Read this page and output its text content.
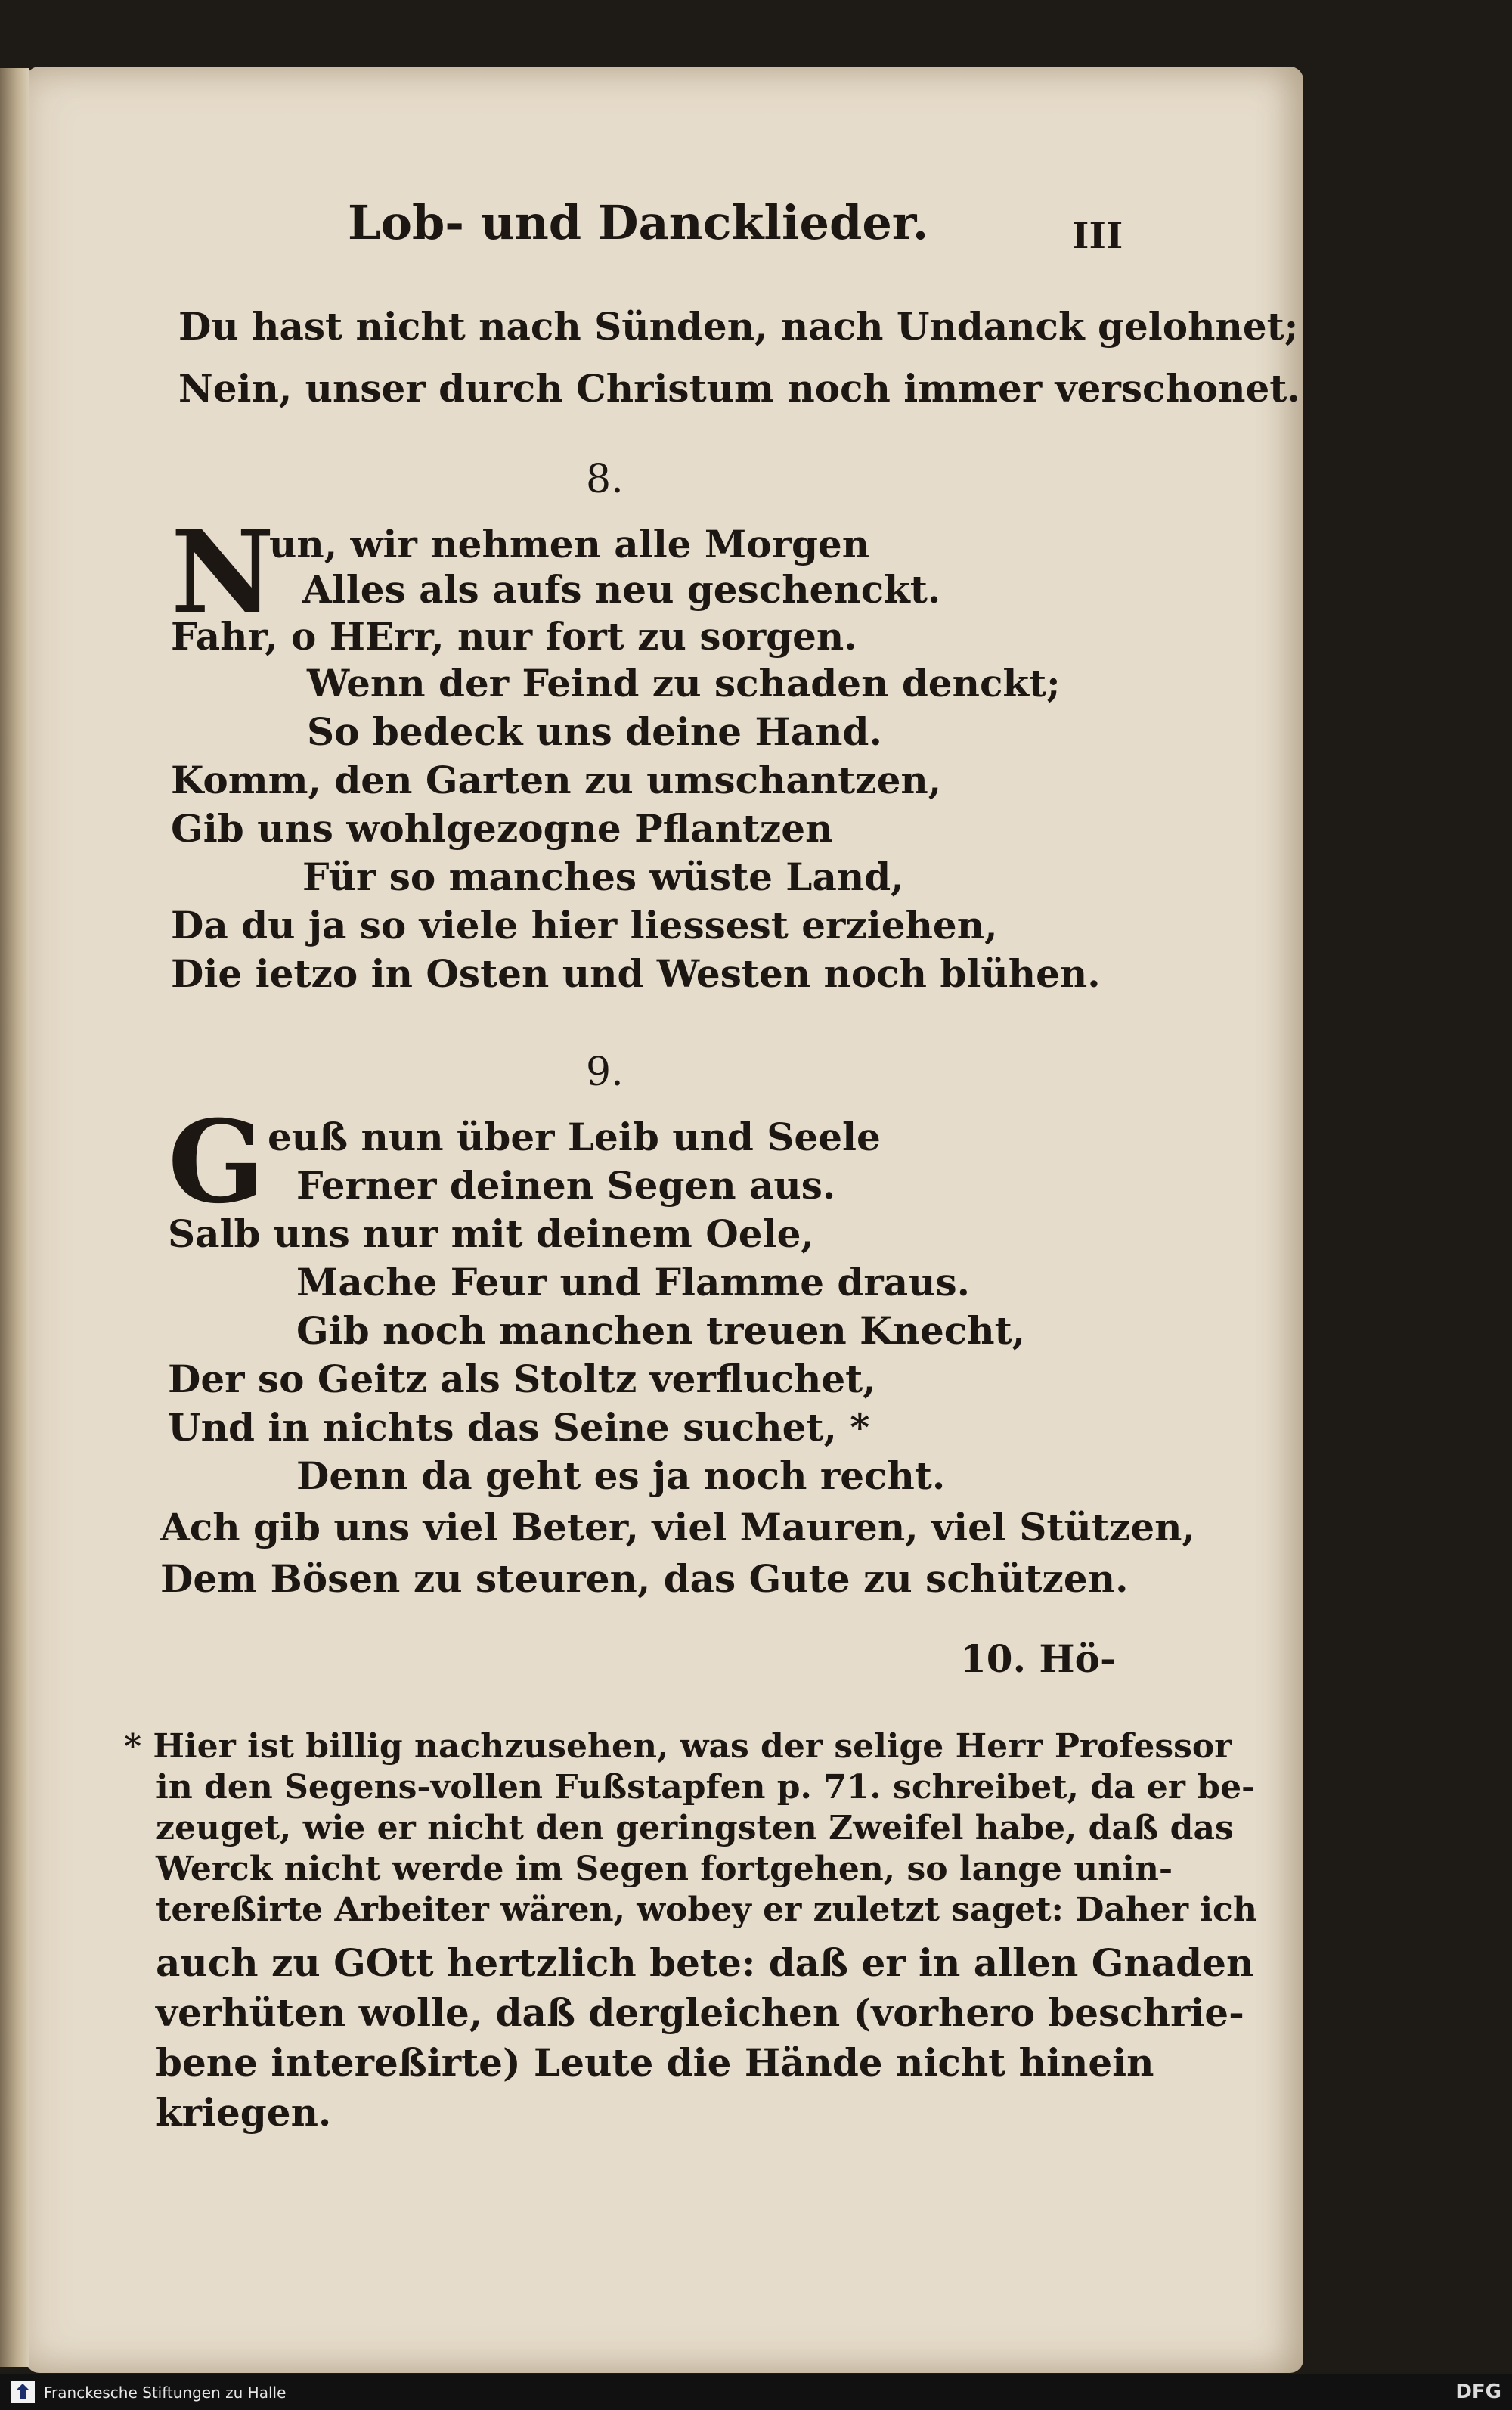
Lob- und Dancklieder.	III
Du hast nicht nach Sünden, nach Undanck gelohnet;
Nein, unser durch Christum noch immer verschonet.
8.
N
un, wir nehmen alle Morgen
Alles als aufs neu geschenckt.
Fahr, o HErr, nur fort zu sorgen.
Wenn der Feind zu schaden denckt;
So bedeck uns deine Hand.
Komm, den Garten zu umschantzen,
Gib uns wohlgezogne Pflantzen
Für so manches wüste Land,
Da du ja so viele hier liessest erziehen,
Die ietzo in Osten und Westen noch blühen.
9.
G euß nun über Leib und Seele
Ferner deinen Segen aus.
Salb uns nur mit deinem Oele,
Mache Feur und Flamme draus.
Gib noch manchen treuen Knecht,
Der so Geitz als Stoltz verfluchet,
Und in nichts das Seine suchet, *
Denn da geht es ja noch recht.
Ach gib uns viel Beter, viel Mauren, viel Stützen,
Dem Bösen zu steuren, das Gute zu schützen.
10. Hö-
* Hier ist billig nachzusehen, was der selige Herr Professor
in den Segens-vollen Fußstapfen p. 71. schreibet, da er be-
zeuget, wie er nicht den geringsten Zweifel habe, daß das
Werck nicht werde im Segen fortgehen, so lange unin-
tereßirte Arbeiter wären, wobey er zuletzt saget: Daher ich
auch zu GOtt hertzlich bete: daß er in allen Gnaden
verhüten wolle, daß dergleichen (vorhero beschrie-
bene intereßirte) Leute die Hände nicht hinein
kriegen.
Franckesche Stiftungen zu Halle	DFG
